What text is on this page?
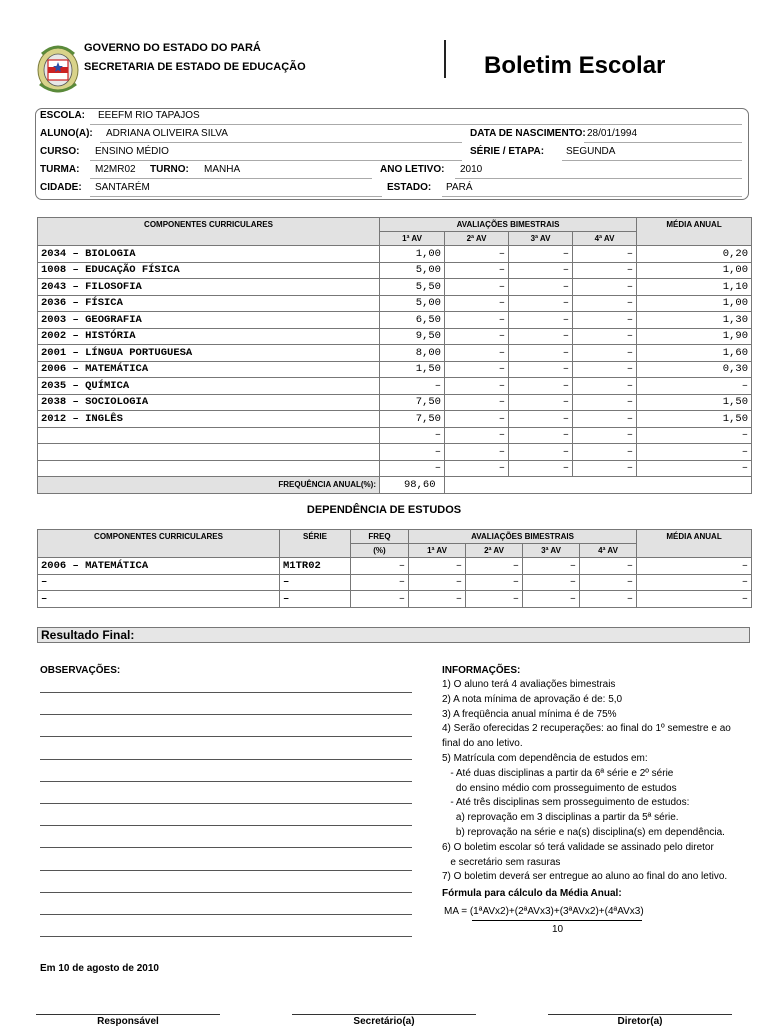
GOVERNO DO ESTADO DO PARÁ
SECRETARIA DE ESTADO DE EDUCAÇÃO	Boletim Escolar
ESCOLA: EEEFM RIO TAPAJOS
ALUNO(A): ADRIANA OLIVEIRA SILVA	DATA DE NASCIMENTO: 28/01/1994
CURSO: ENSINO MÉDIO	SÉRIE / ETAPA: SEGUNDA
TURMA: M2MR02 TURNO: MANHA	ANO LETIVO: 2010
CIDADE: SANTARÉM	ESTADO: PARÁ
COMPONENTES CURRICULARES	AVALIAÇÕES BIMESTRAIS				MÉDIA ANUAL
	1ª AV	2ª AV	3ª AV	4ª AV	
2034 – BIOLOGIA	1,00	–	–	–	0,20
1008 – EDUCAÇÃO FÍSICA	5,00	–	–	–	1,00
2043 – FILOSOFIA	5,50	–	–	–	1,10
2036 – FÍSICA	5,00	–	–	–	1,00
2003 – GEOGRAFIA	6,50	–	–	–	1,30
2002 – HISTÓRIA	9,50	–	–	–	1,90
2001 – LÍNGUA PORTUGUESA	8,00	–	–	–	1,60
2006 – MATEMÁTICA	1,50	–	–	–	0,30
2035 – QUÍMICA	–	–	–	–	–
2038 – SOCIOLOGIA	7,50	–	–	–	1,50
2012 – INGLÊS	7,50	–	–	–	1,50
	–	–	–	–	–
	–	–	–	–	–
	–	–	–	–	–
FREQUÊNCIA ANUAL(%):	98,60				
DEPENDÊNCIA DE ESTUDOS
COMPONENTES CURRICULARES	SÉRIE	FREQ	AVALIAÇÕES BIMESTRAIS				MÉDIA ANUAL
		(%)	1ª AV	2ª AV	3ª AV	4ª AV	
2006 – MATEMÁTICA	M1TR02	–	–	–	–	–	–
–	–	–	–	–	–	–	–
–	–	–	–	–	–	–	–
Resultado Final:
OBSERVAÇÕES:	INFORMAÇÕES:
1) O aluno terá 4 avaliações bimestrais
2) A nota mínima de aprovação é de: 5,0
3) A freqüência anual mínima é de 75%
4) Serão oferecidas 2 recuperações: ao final do 1º semestre e ao
final do ano letivo.
5) Matrícula com dependência de estudos em:
- Até duas disciplinas a partir da 6ª série e 2º série
do ensino médio com prosseguimento de estudos
- Até três disciplinas sem prosseguimento de estudos:
a) reprovação em 3 disciplinas a partir da 5ª série.
b) reprovação na série e na(s) disciplina(s) em dependência.
6) O boletim escolar só terá validade se assinado pelo diretor
e secretário sem rasuras
7) O boletim deverá ser entregue ao aluno ao final do ano letivo.
Fórmula para cálculo da Média Anual:
MA = (1ªAVx2)+(2ªAVx3)+(3ªAVx2)+(4ªAVx3)
10
Em 10 de agosto de 2010
Responsável	Secretário(a)	Diretor(a)
